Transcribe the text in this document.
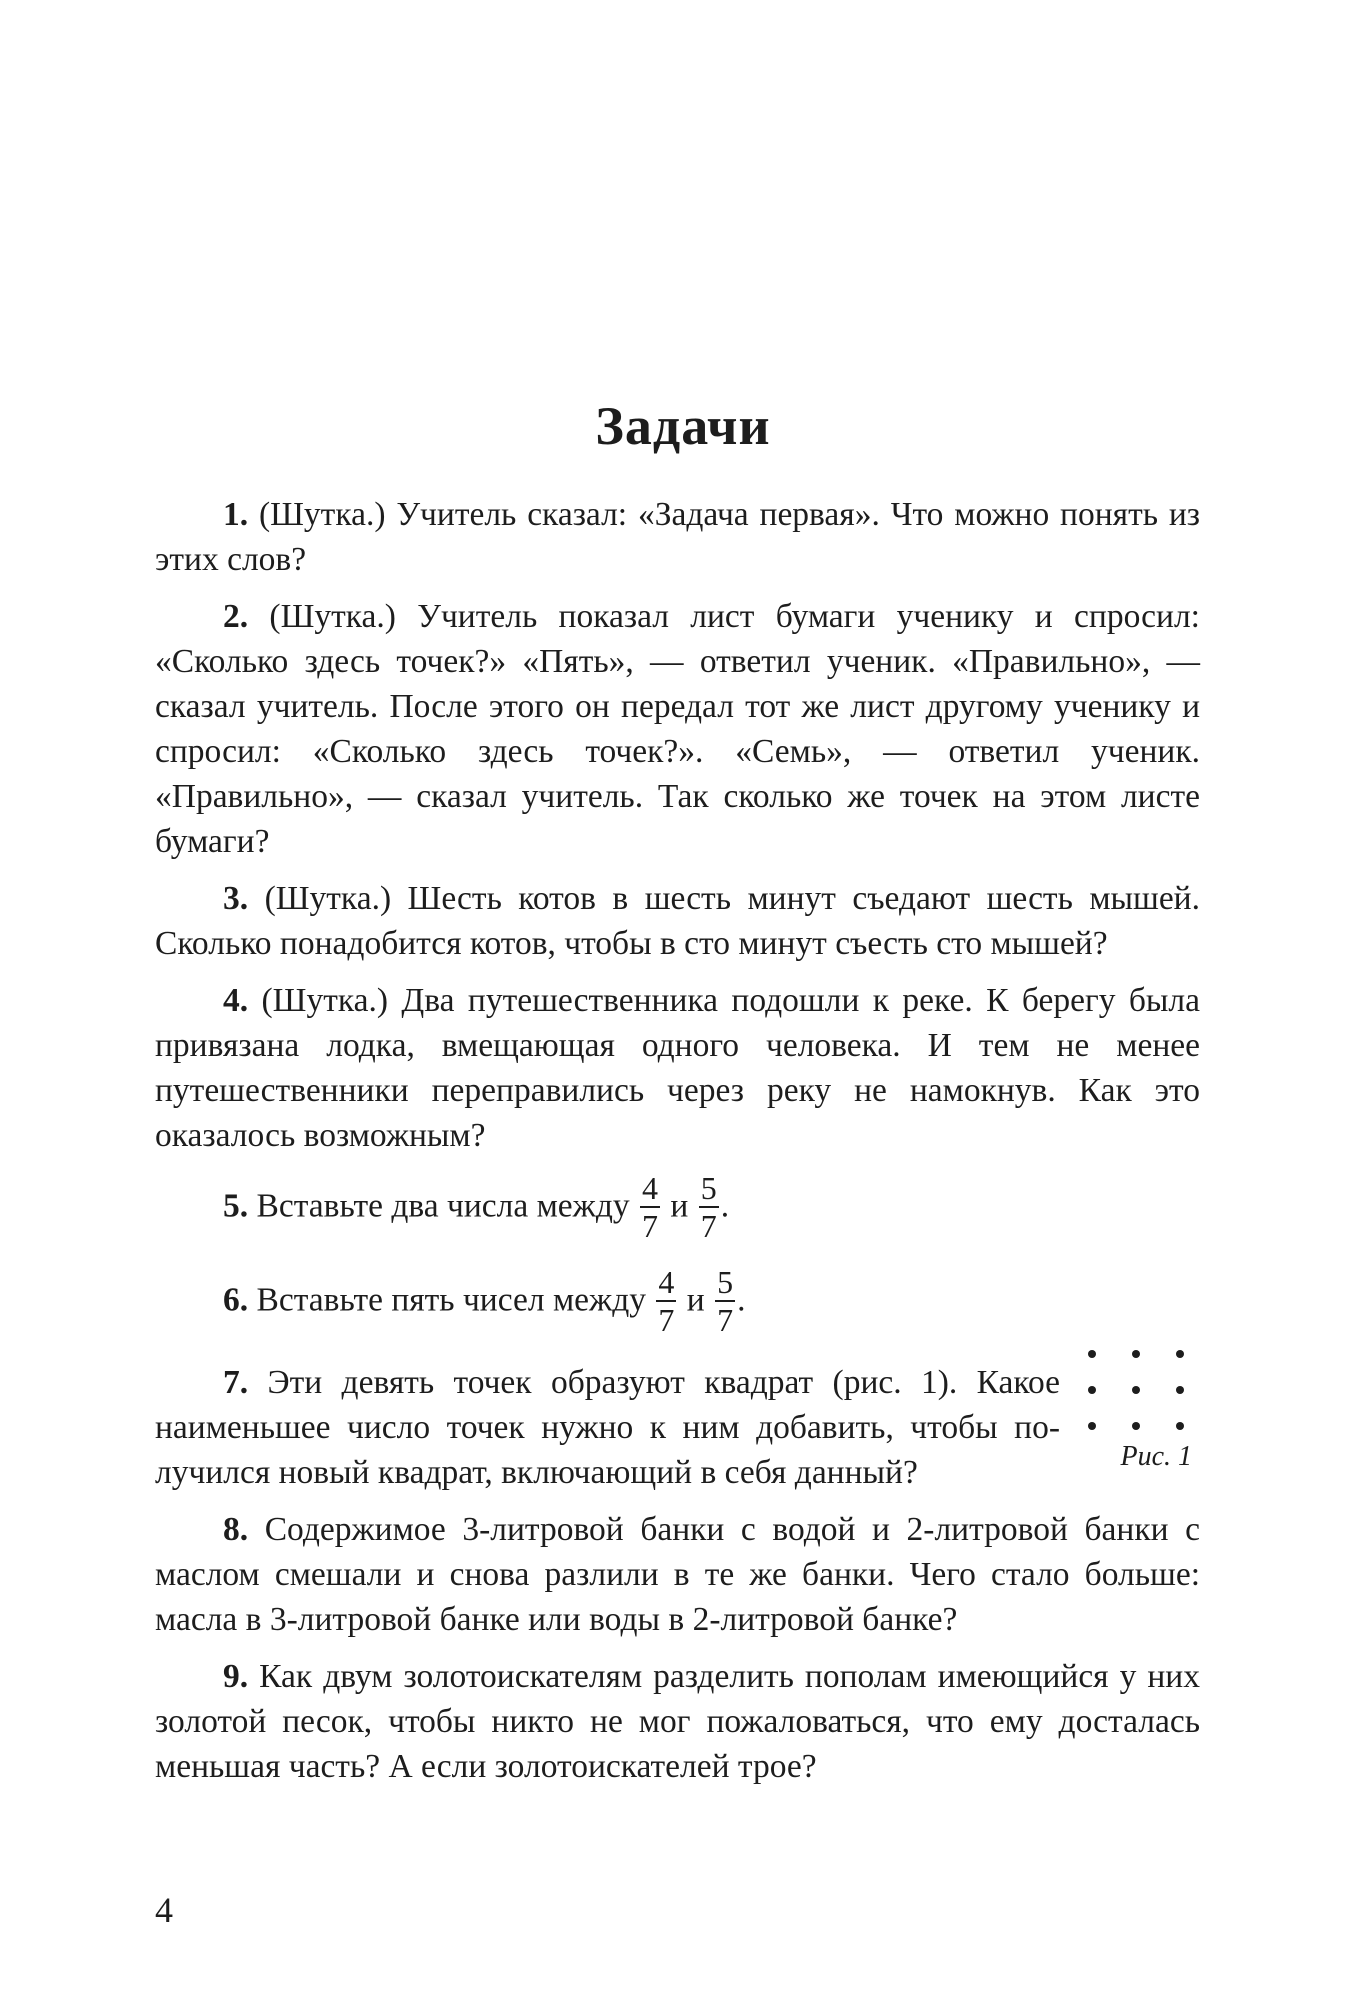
Задачи

1. (Шутка.) Учитель сказал: «Задача первая». Что можно понять из этих слов?

2. (Шутка.) Учитель показал лист бумаги ученику и спросил: «Сколько здесь точек?» «Пять», — ответил ученик. «Правильно», — сказал учитель. После этого он передал тот же лист другому ученику и спросил: «Сколько здесь точек?». «Семь», — ответил ученик. «Правильно», — сказал учитель. Так сколько же точек на этом листе бумаги?

3. (Шутка.) Шесть котов в шесть минут съедают шесть мышей. Сколько понадобится котов, чтобы в сто минут съесть сто мышей?

4. (Шутка.) Два путешественника подошли к реке. К берегу была привязана лодка, вмещающая одного человека. И тем не менее путешественники переправились через реку не намокнув. Как это оказалось возможным?

5. Вставьте два числа между $\frac{4}{7}$ и $\frac{5}{7}$ .

6. Вставьте пять чисел между $\frac{4}{7}$ и $\frac{5}{7}$ .

7. Эти девять точек образуют квадрат (рис. 1). Какое наименьшее число точек нужно к ним добавить, чтобы получился новый квадрат, включающий в себя данный?	Рис. 1

8. Содержимое 3-литровой банки с водой и 2-литровой банки с маслом смешали и снова разлили в те же банки. Чего стало больше: масла в 3-литровой банке или воды в 2-литровой банке?

9. Как двум золотоискателям разделить пополам имеющийся у них золотой песок, чтобы никто не мог пожаловаться, что ему досталась меньшая часть? А если золотоискателей трое?

4
